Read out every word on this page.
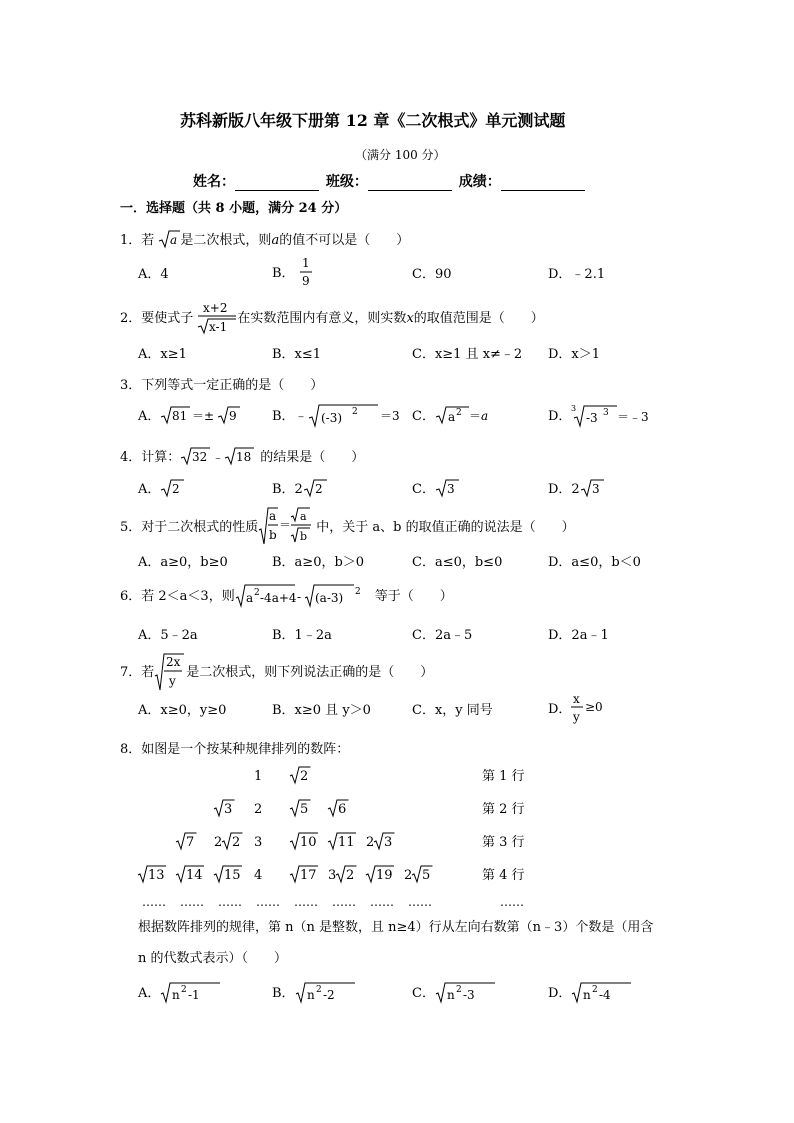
苏科新版八年级下册第 12 章《二次根式》单元测试题
（满分 100 分）
姓名：	班级：	成绩：
一．选择题（共 8 小题，满分 24 分）
1．若 a 是二次根式，则a的值不可以是（　　）
A．4	B．
1
9	C．90	D．﹣2.1
2．要使式子
x+2
x-1
在实数范围内有意义，则实数x的取值范围是（　　）
A．x≥1	B．x≤1	C．x≥1 且 x≠﹣2 D．x＞1
3．下列等式一定正确的是（　　）
A． 81 ＝± 9	B．﹣ (-3) 2 ＝3 C． a 2 ＝a	D．
3
-3 3 ＝﹣3
4．计算： 32 ﹣ 18 的结果是（　　）
A． 2	B．2 2	C． 3	D．2 3
5．对于二次根式的性质
a
b
＝
a
b
中，关于 a、b 的取值正确的说法是（　　）
A．a≥0，b≥0	B．a≥0，b＞0	C．a≤0，b≤0	D．a≤0，b＜0
6．若 2＜a＜3，则 a 2 -4a+4 - (a-3) 2 等于（　　）
A．5﹣2a	B．1﹣2a	C．2a﹣5	D．2a﹣1
7．若
2x
y
是二次根式，则下列说法正确的是（　　）
A．x≥0，y≥0	B．x≥0 且 y＞0	C．x，y 同号	D．
x
y
≥0
8．如图是一个按某种规律排列的数阵：
1	2	第 1 行
3 2	5 6	第 2 行
7 2 2 3	10 11 2 3	第 3 行
13 14 15 4	17 3 2 19 2 5	第 4 行
…… …… …… …… …… …… …… ……	……
根据数阵排列的规律，第 n（n 是整数，且 n≥4）行从左向右数第（n﹣3）个数是（用含
n 的代数式表示）（　　）
A． n 2 -1	B． n 2 -2	C． n 2 -3	D． n 2 -4
